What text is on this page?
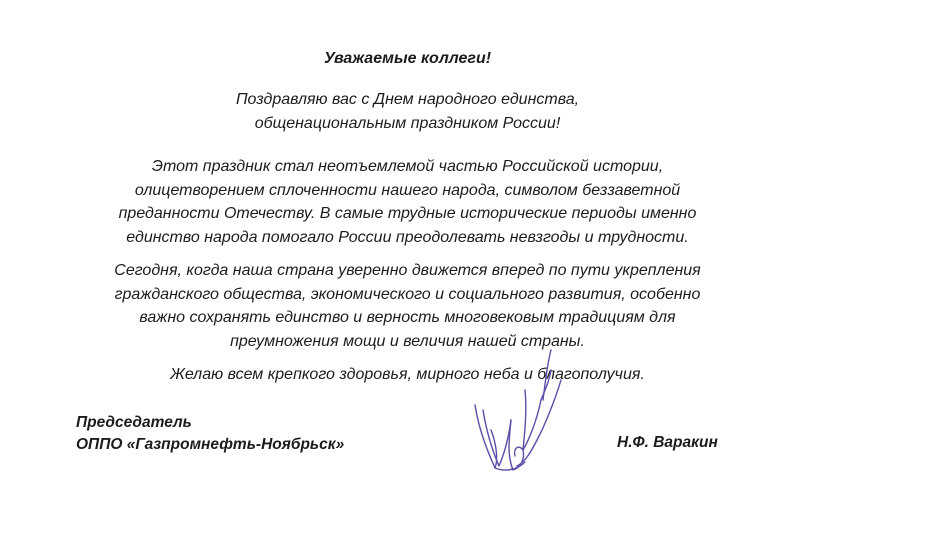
Уважаемые коллеги!

Поздравляю вас с Днем народного единства,
общенациональным праздником России!

Этот праздник стал неотъемлемой частью Российской истории,
олицетворением сплоченности нашего народа, символом беззаветной
преданности Отечеству. В самые трудные исторические периоды именно
единство народа помогало России преодолевать невзгоды и трудности.

Сегодня, когда наша страна уверенно движется вперед по пути укрепления
гражданского общества, экономического и социального развития, особенно
важно сохранять единство и верность многовековым традициям для
преумножения мощи и величия нашей страны.

Желаю всем крепкого здоровья, мирного неба и благополучия.

Председатель
ОППО «Газпромнефть-Ноябрьск»	Н.Ф. Варакин
